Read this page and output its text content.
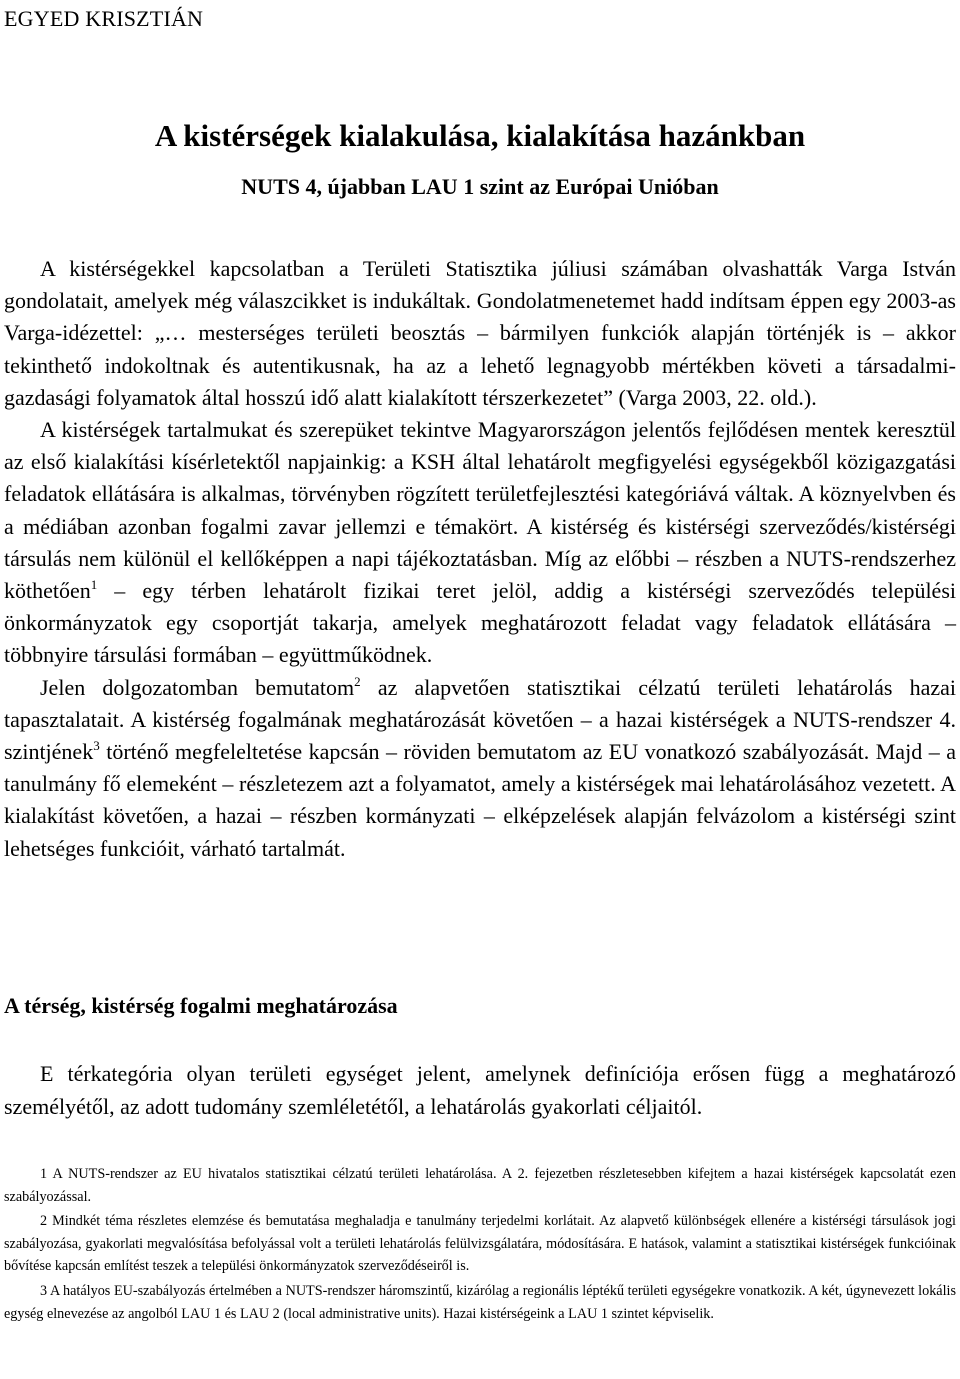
EGYED KRISZTIÁN
A kistérségek kialakulása, kialakítása hazánkban
NUTS 4, újabban LAU 1 szint az Európai Unióban

A kistérségekkel kapcsolatban a Területi Statisztika júliusi számában olvashatták Varga István gondolatait, amelyek még válaszcikket is indukáltak. Gondolatmenetemet hadd indítsam éppen egy 2003-as Varga-idézettel: „… mesterséges területi beosztás – bármilyen funkciók alapján történjék is – akkor tekinthető indokoltnak és autentikusnak, ha az a lehető legnagyobb mértékben követi a társadalmi-gazdasági folyamatok által hosszú idő alatt kialakított térszerkezetet” (Varga 2003, 22. old.).

A kistérségek tartalmukat és szerepüket tekintve Magyarországon jelentős fejlődésen mentek keresztül az első kialakítási kísérletektől napjainkig: a KSH által lehatárolt megfigyelési egységekből közigazgatási feladatok ellátására is alkalmas, törvényben rögzített területfejlesztési kategóriává váltak. A köznyelvben és a médiában azonban fogalmi zavar jellemzi e témakört. A kistérség és kistérségi szerveződés/kistérségi társulás nem különül el kellőképpen a napi tájékoztatásban. Míg az előbbi – részben a NUTS-rendszerhez köthetően$^1$ – egy térben lehatárolt fizikai teret jelöl, addig a kistérségi szerveződés települési önkormányzatok egy csoportját takarja, amelyek meghatározott feladat vagy feladatok ellátására – többnyire társulási formában – együttműködnek.

Jelen dolgozatomban bemutatom$^2$ az alapvetően statisztikai célzatú területi lehatárolás hazai tapasztalatait. A kistérség fogalmának meghatározását követően – a hazai kistérségek a NUTS-rendszer 4. szintjének$^3$ történő megfeleltetése kapcsán – röviden bemutatom az EU vonatkozó szabályozását. Majd – a tanulmány fő elemeként – részletezem azt a folyamatot, amely a kistérségek mai lehatárolásához vezetett. A kialakítást követően, a hazai – részben kormányzati – elképzelések alapján felvázolom a kistérségi szint lehetséges funkcióit, várható tartalmát.

A térség, kistérség fogalmi meghatározása

E térkategória olyan területi egységet jelent, amelynek definíciója erősen függ a meghatározó személyétől, az adott tudomány szemléletétől, a lehatárolás gyakorlati céljaitól.

1 A NUTS-rendszer az EU hivatalos statisztikai célzatú területi lehatárolása. A 2. fejezetben részletesebben kifejtem a hazai kistérségek kapcsolatát ezen szabályozással.

2 Mindkét téma részletes elemzése és bemutatása meghaladja e tanulmány terjedelmi korlátait. Az alapvető különbségek ellenére a kistérségi társulások jogi szabályozása, gyakorlati megvalósítása befolyással volt a területi lehatárolás felülvizsgálatára, módosítására. E hatások, valamint a statisztikai kistérségek funkcióinak bővítése kapcsán említést teszek a települési önkormányzatok szerveződéseiről is.

3 A hatályos EU-szabályozás értelmében a NUTS-rendszer háromszintű, kizárólag a regionális léptékű területi egységekre vonatkozik. A két, úgynevezett lokális egység elnevezése az angolból LAU 1 és LAU 2 (local administrative units). Hazai kistérségeink a LAU 1 szintet képviselik.
